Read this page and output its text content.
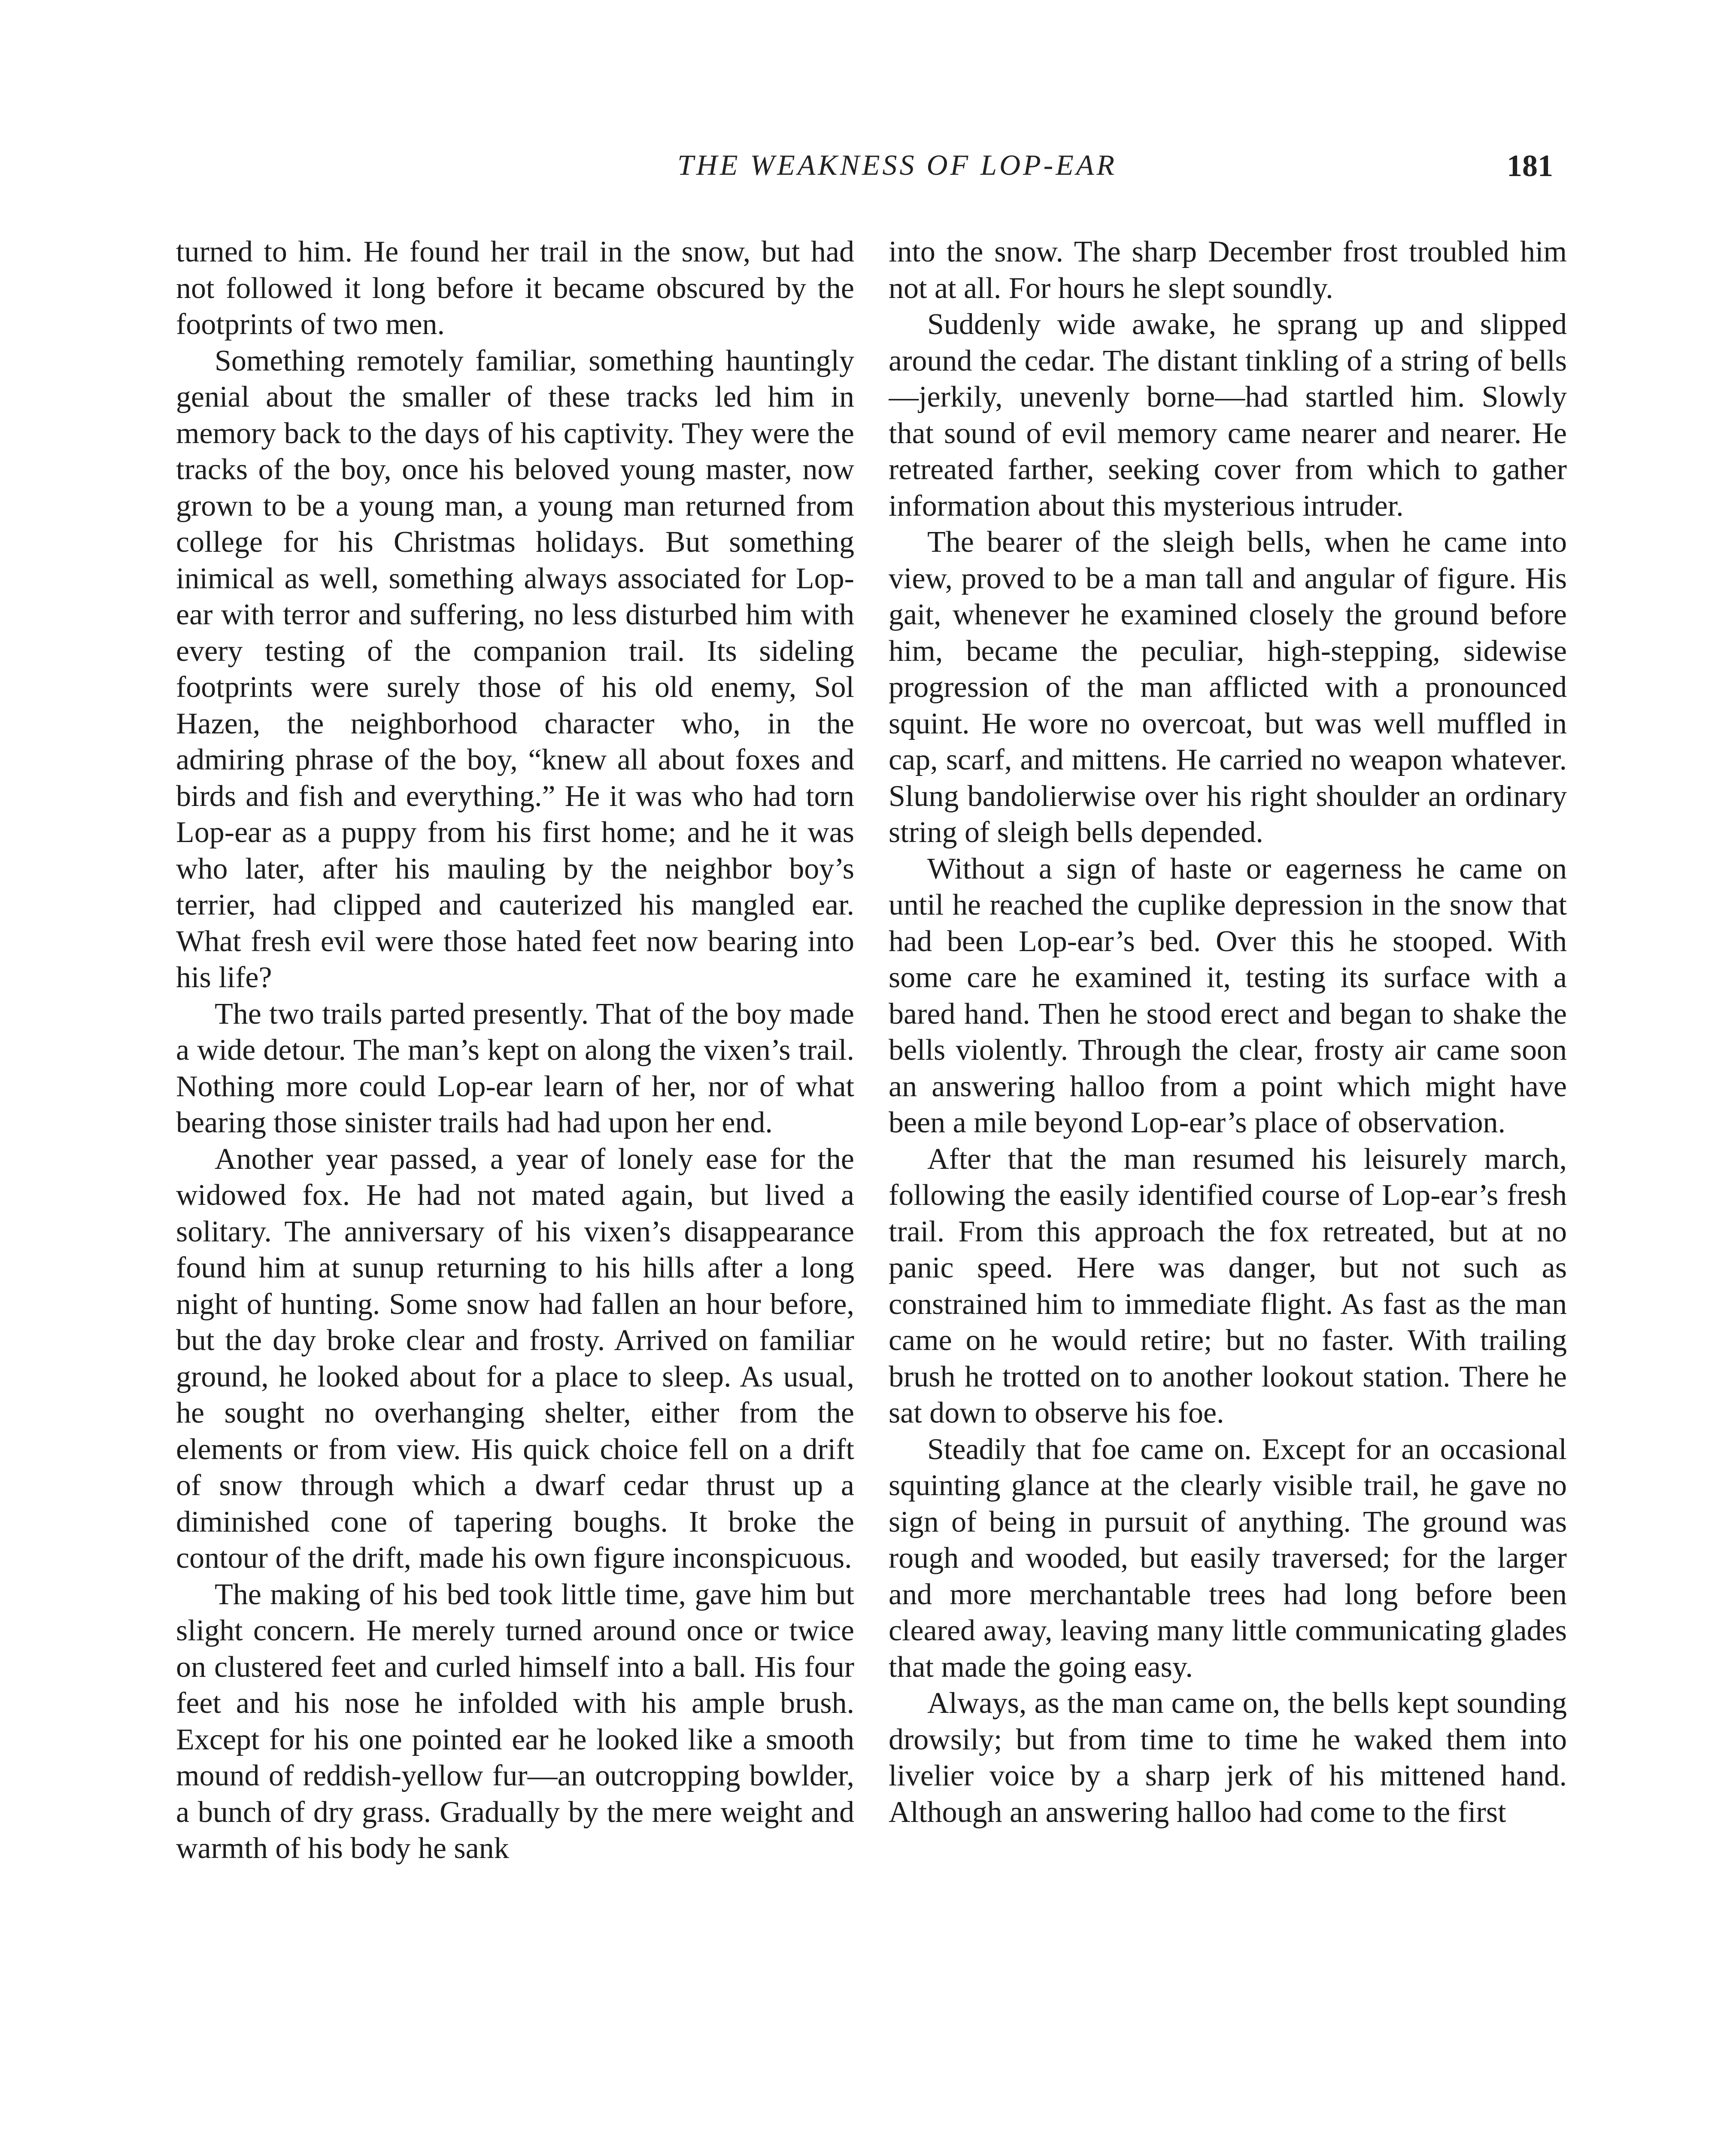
THE WEAKNESS OF LOP-EAR	181

turned to him. He found her trail in the snow, but had not followed it long before it became obscured by the footprints of two men.

Something remotely familiar, something hauntingly genial about the smaller of these tracks led him in memory back to the days of his captivity. They were the tracks of the boy, once his beloved young master, now grown to be a young man, a young man returned from college for his Christmas holidays. But something inimical as well, something always associated for Lop-ear with terror and suffering, no less disturbed him with every testing of the companion trail. Its sideling footprints were surely those of his old enemy, Sol Hazen, the neighborhood character who, in the admiring phrase of the boy, “knew all about foxes and birds and fish and everything.” He it was who had torn Lop-ear as a puppy from his first home; and he it was who later, after his mauling by the neighbor boy’s terrier, had clipped and cauterized his mangled ear. What fresh evil were those hated feet now bearing into his life?

The two trails parted presently. That of the boy made a wide detour. The man’s kept on along the vixen’s trail. Nothing more could Lop-ear learn of her, nor of what bearing those sinister trails had had upon her end.

Another year passed, a year of lonely ease for the widowed fox. He had not mated again, but lived a solitary. The anniversary of his vixen’s disappearance found him at sunup returning to his hills after a long night of hunting. Some snow had fallen an hour before, but the day broke clear and frosty. Arrived on familiar ground, he looked about for a place to sleep. As usual, he sought no overhanging shelter, either from the elements or from view. His quick choice fell on a drift of snow through which a dwarf cedar thrust up a diminished cone of tapering boughs. It broke the contour of the drift, made his own figure inconspicuous.

The making of his bed took little time, gave him but slight concern. He merely turned around once or twice on clustered feet and curled himself into a ball. His four feet and his nose he infolded with his ample brush. Except for his one pointed ear he looked like a smooth mound of reddish-yellow fur—an outcropping bowlder, a bunch of dry grass. Gradually by the mere weight and warmth of his body he sank

into the snow. The sharp December frost troubled him not at all. For hours he slept soundly.

Suddenly wide awake, he sprang up and slipped around the cedar. The distant tinkling of a string of bells—jerkily, unevenly borne—had startled him. Slowly that sound of evil memory came nearer and nearer. He retreated farther, seeking cover from which to gather information about this mysterious intruder.

The bearer of the sleigh bells, when he came into view, proved to be a man tall and angular of figure. His gait, whenever he examined closely the ground before him, became the peculiar, high-stepping, sidewise progression of the man afflicted with a pronounced squint. He wore no overcoat, but was well muffled in cap, scarf, and mittens. He carried no weapon whatever. Slung bandolierwise over his right shoulder an ordinary string of sleigh bells depended.

Without a sign of haste or eagerness he came on until he reached the cuplike depression in the snow that had been Lop-ear’s bed. Over this he stooped. With some care he examined it, testing its surface with a bared hand. Then he stood erect and began to shake the bells violently. Through the clear, frosty air came soon an answering halloo from a point which might have been a mile beyond Lop-ear’s place of observation.

After that the man resumed his leisurely march, following the easily identified course of Lop-ear’s fresh trail. From this approach the fox retreated, but at no panic speed. Here was danger, but not such as constrained him to immediate flight. As fast as the man came on he would retire; but no faster. With trailing brush he trotted on to another lookout station. There he sat down to observe his foe.

Steadily that foe came on. Except for an occasional squinting glance at the clearly visible trail, he gave no sign of being in pursuit of anything. The ground was rough and wooded, but easily traversed; for the larger and more merchantable trees had long before been cleared away, leaving many little communicating glades that made the going easy.

Always, as the man came on, the bells kept sounding drowsily; but from time to time he waked them into livelier voice by a sharp jerk of his mittened hand. Although an answering halloo had come to the first
